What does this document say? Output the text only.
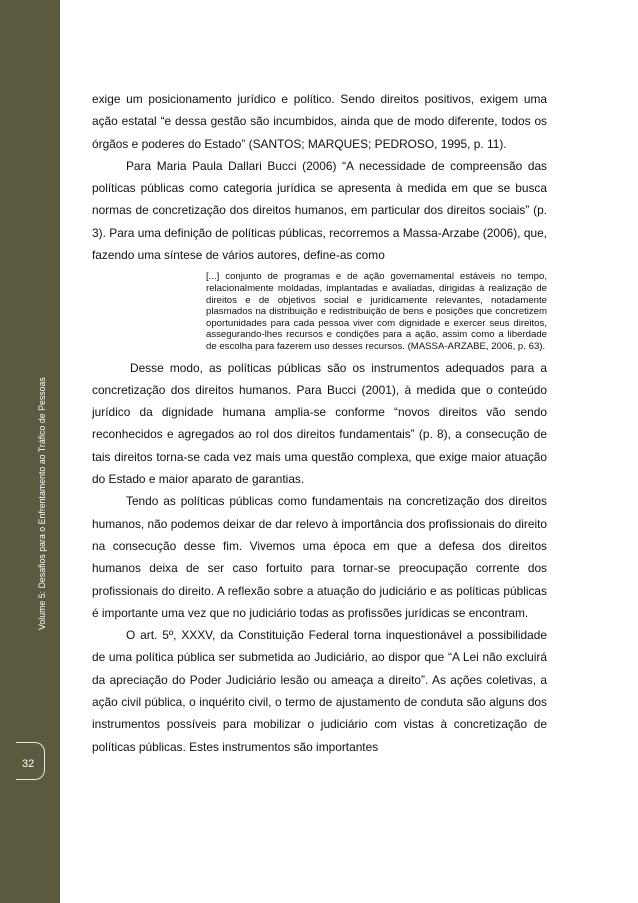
Volume 5: Desafios para o Enfrentamento ao Tráfico de Pessoas
32

exige um posicionamento jurídico e político. Sendo direitos positivos, exigem uma ação estatal “e dessa gestão são incumbidos, ainda que de modo diferente, todos os órgãos e poderes do Estado” (SANTOS; MARQUES; PEDROSO, 1995, p. 11).

Para Maria Paula Dallari Bucci (2006) “A necessidade de compreensão das políticas públicas como categoria jurídica se apresenta à medida em que se busca normas de concretização dos direitos humanos, em particular dos direitos sociais” (p. 3). Para uma definição de políticas públicas, recorremos a Massa-Arzabe (2006), que, fazendo uma síntese de vários autores, define-as como

[...] conjunto de programas e de ação governamental estáveis no tempo, relacionalmente moldadas, implantadas e avaliadas, dirigidas à realização de direitos e de objetivos social e juridicamente relevantes, notadamente plasmados na distribuição e redistribuição de bens e posições que concretizem oportunidades para cada pessoa viver com dignidade e exercer seus direitos, assegurando-lhes recursos e condições para a ação, assim como a liberdade de escolha para fazerem uso desses recursos. (MASSA-ARZABE, 2006, p. 63).

Desse modo, as políticas públicas são os instrumentos adequados para a concretização dos direitos humanos. Para Bucci (2001), à medida que o conteúdo jurídico da dignidade humana amplia-se conforme “novos direitos vão sendo reconhecidos e agregados ao rol dos direitos fundamentais” (p. 8), a consecução de tais direitos torna-se cada vez mais uma questão complexa, que exige maior atuação do Estado e maior aparato de garantias.

Tendo as políticas públicas como fundamentais na concretização dos direitos humanos, não podemos deixar de dar relevo à importância dos profissionais do direito na consecução desse fim. Vivemos uma época em que a defesa dos direitos humanos deixa de ser caso fortuito para tornar-se preocupação corrente dos profissionais do direito. A reflexão sobre a atuação do judiciário e as políticas públicas é importante uma vez que no judiciário todas as profissões jurídicas se encontram.

O art. 5º, XXXV, da Constituição Federal torna inquestionável a possibilidade de uma política pública ser submetida ao Judiciário, ao dispor que “A Lei não excluirá da apreciação do Poder Judiciário lesão ou ameaça a direito”. As ações coletivas, a ação civil pública, o inquérito civil, o termo de ajustamento de conduta são alguns dos instrumentos possíveis para mobilizar o judiciário com vistas à concretização de políticas públicas. Estes instrumentos são importantes
